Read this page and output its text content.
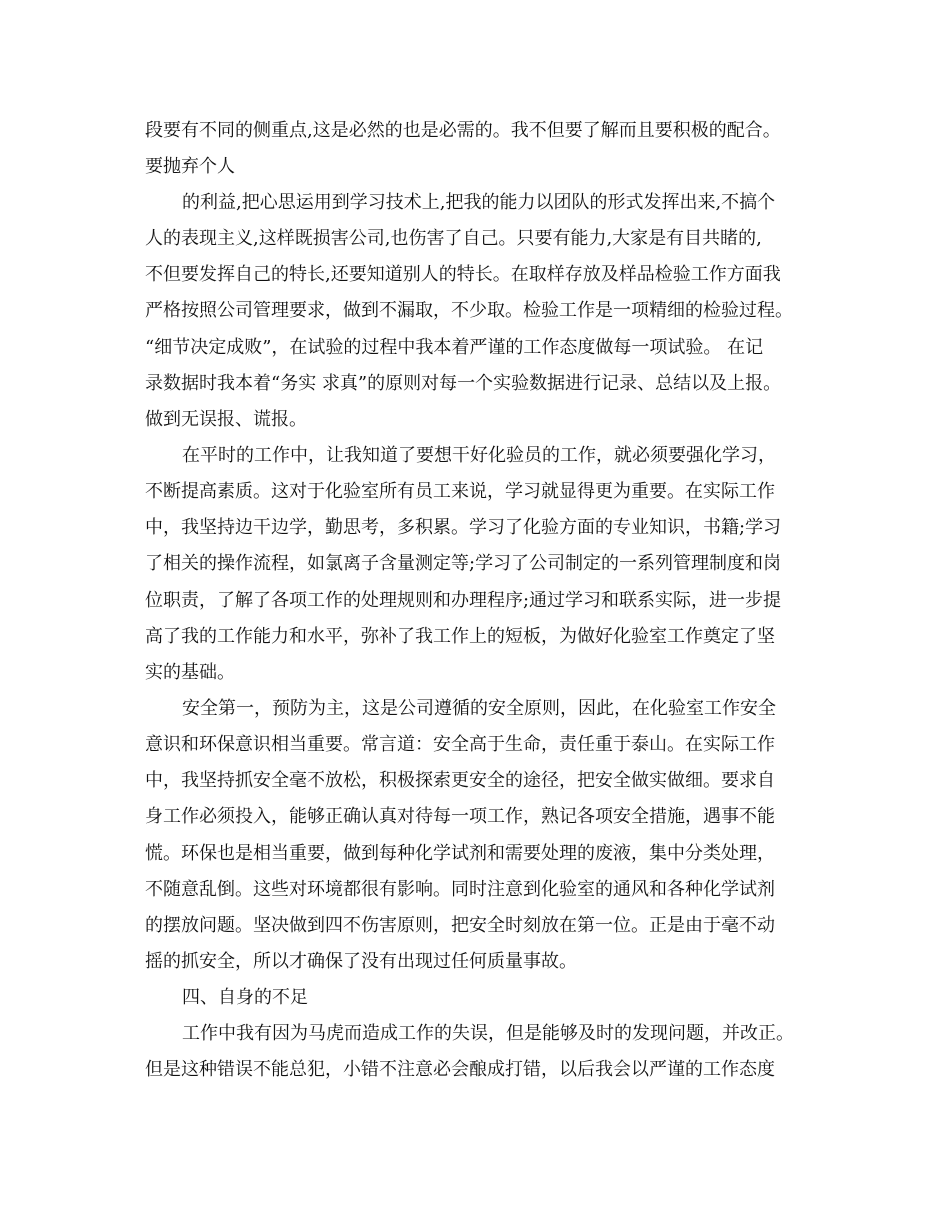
段要有不同的侧重点,这是必然的也是必需的。我不但要了解而且要积极的配合。
要抛弃个人
的利益,把心思运用到学习技术上,把我的能力以团队的形式发挥出来,不搞个
人的表现主义,这样既损害公司,也伤害了自己。只要有能力,大家是有目共睹的,
不但要发挥自己的特长,还要知道别人的特长。在取样存放及样品检验工作方面我
严格按照公司管理要求，做到不漏取，不少取。检验工作是一项精细的检验过程。
“细节决定成败”，在试验的过程中我本着严谨的工作态度做每一项试验。 在记
录数据时我本着“务实 求真”的原则对每一个实验数据进行记录、总结以及上报。
做到无误报、谎报。
在平时的工作中，让我知道了要想干好化验员的工作，就必须要强化学习，
不断提高素质。这对于化验室所有员工来说，学习就显得更为重要。在实际工作
中，我坚持边干边学，勤思考，多积累。学习了化验方面的专业知识，书籍;学习
了相关的操作流程，如氯离子含量测定等;学习了公司制定的一系列管理制度和岗
位职责，了解了各项工作的处理规则和办理程序;通过学习和联系实际，进一步提
高了我的工作能力和水平，弥补了我工作上的短板，为做好化验室工作奠定了坚
实的基础。
安全第一，预防为主，这是公司遵循的安全原则，因此，在化验室工作安全
意识和环保意识相当重要。常言道：安全高于生命，责任重于泰山。在实际工作
中，我坚持抓安全毫不放松，积极探索更安全的途径，把安全做实做细。要求自
身工作必须投入，能够正确认真对待每一项工作，熟记各项安全措施，遇事不能
慌。环保也是相当重要，做到每种化学试剂和需要处理的废液，集中分类处理，
不随意乱倒。这些对环境都很有影响。同时注意到化验室的通风和各种化学试剂
的摆放问题。坚决做到四不伤害原则，把安全时刻放在第一位。正是由于毫不动
摇的抓安全，所以才确保了没有出现过任何质量事故。
四、自身的不足
工作中我有因为马虎而造成工作的失误，但是能够及时的发现问题，并改正。
但是这种错误不能总犯，小错不注意必会酿成打错，以后我会以严谨的工作态度
